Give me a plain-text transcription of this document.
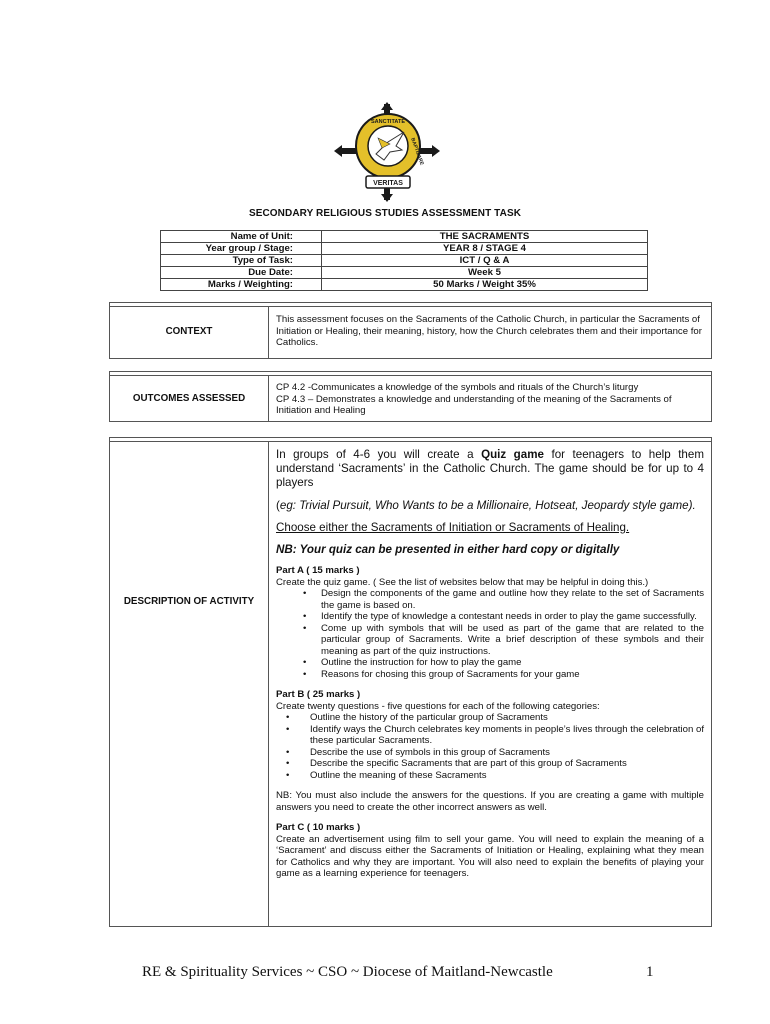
VERITAS
SANCTITATE
BAPTIZARE
SECONDARY RELIGIOUS STUDIES ASSESSMENT TASK
Name of Unit:	THE SACRAMENTS
Year group / Stage:	YEAR 8 / STAGE 4
Type of Task:	ICT / Q & A
Due Date:	Week 5
Marks / Weighting:	50 Marks / Weight 35%
CONTEXT
This assessment focuses on the Sacraments of the Catholic Church, in particular the Sacraments of Initiation or Healing, their meaning, history, how the Church celebrates them and their importance for Catholics.
OUTCOMES ASSESSED

CP 4.2 -Communicates a knowledge of the symbols and rituals of the Church’s liturgy

CP 4.3 – Demonstrates a knowledge and understanding of the meaning of the Sacraments of Initiation and Healing

DESCRIPTION OF ACTIVITY

In groups of 4-6 you will create a Quiz game for teenagers to help them understand ‘Sacraments’ in the Catholic Church. The game should be for up to 4 players

(eg: Trivial Pursuit, Who Wants to be a Millionaire, Hotseat, Jeopardy style game).

Choose either the Sacraments of Initiation or Sacraments of Healing.

NB: Your quiz can be presented in either hard copy or digitally

Part A ( 15 marks )

Create the quiz game. ( See the list of websites below that may be helpful in doing this.)

• Design the components of the game and outline how they relate to the set of Sacraments the game is based on.
• Identify the type of knowledge a contestant needs in order to play the game successfully.
• Come up with symbols that will be used as part of the game that are related to the particular group of Sacraments. Write a brief description of these symbols and their meaning as part of the quiz instructions.
• Outline the instruction for how to play the game
• Reasons for chosing this group of Sacraments for your game

Part B ( 25 marks )

Create twenty questions - five questions for each of the following categories:

• Outline the history of the particular group of Sacraments
• Identify ways the Church celebrates key moments in people’s lives through the celebration of these particular Sacraments.
• Describe the use of symbols in this group of Sacraments
• Describe the specific Sacraments that are part of this group of Sacraments
• Outline the meaning of these Sacraments

NB: You must also include the answers for the questions. If you are creating a game with multiple answers you need to create the other incorrect answers as well.

Part C ( 10 marks )

Create an advertisement using film to sell your game. You will need to explain the meaning of a ‘Sacrament’ and discuss either the Sacraments of Initiation or Healing, explaining what they mean for Catholics and why they are important. You will also need to explain the benefits of playing your game as a learning experience for teenagers.

RE & Spirituality Services ~ CSO ~ Diocese of Maitland-Newcastle	1
